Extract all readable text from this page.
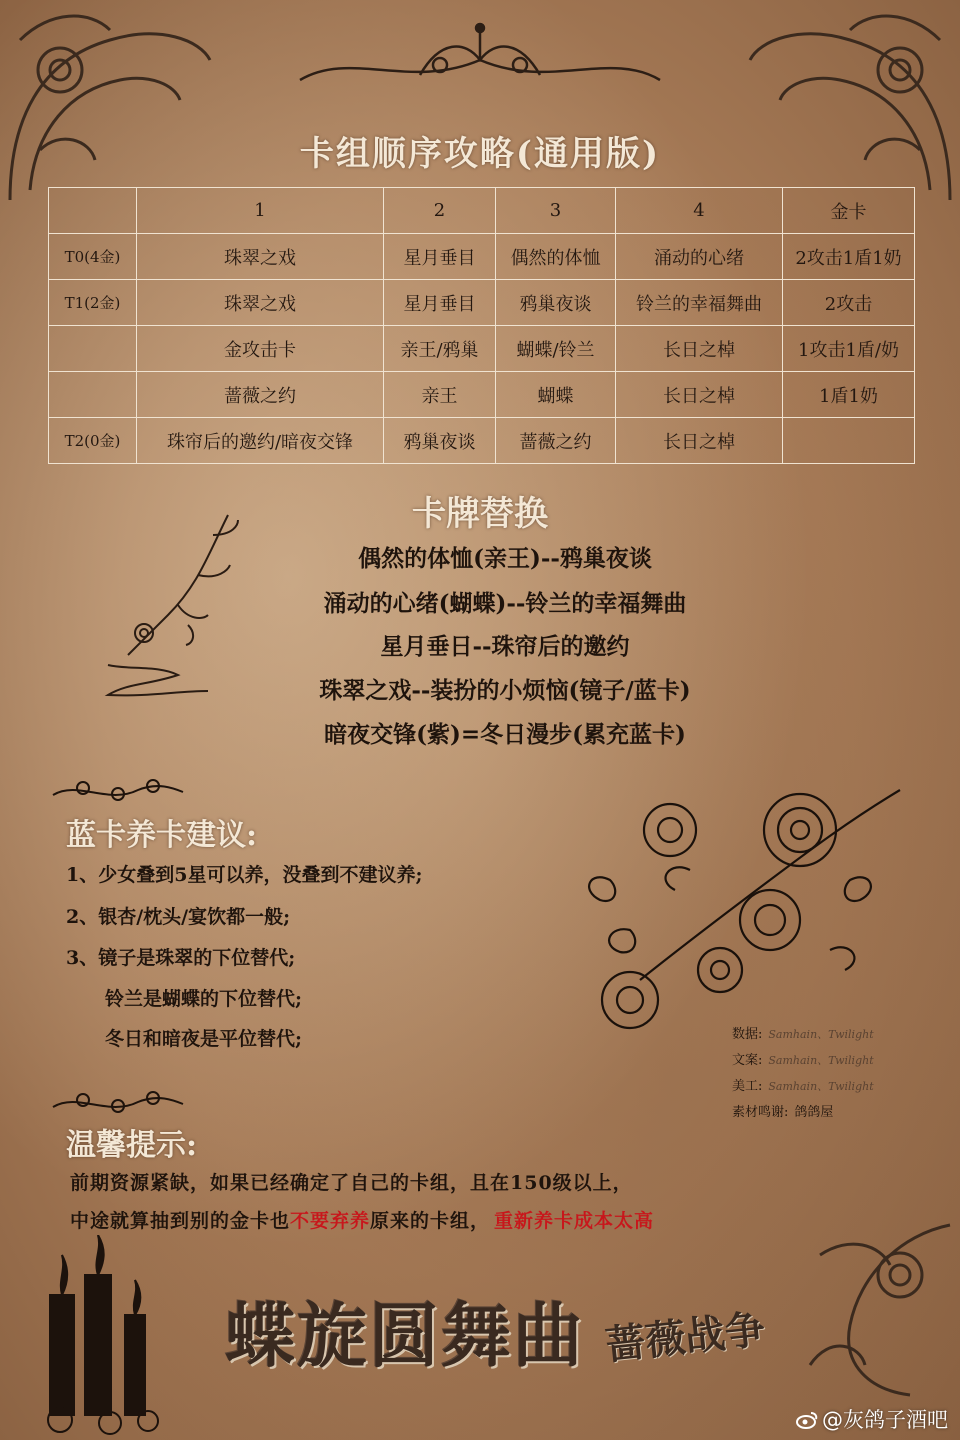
卡组顺序攻略(通用版)
	1	2	3	4	金卡
T0(4金)	珠翠之戏	星月垂目	偶然的体恤	涌动的心绪	2攻击1盾1奶
T1(2金)	珠翠之戏	星月垂目	鸦巢夜谈	铃兰的幸福舞曲	2攻击
	金攻击卡	亲王/鸦巢	蝴蝶/铃兰	长日之棹	1攻击1盾/奶
	蔷薇之约	亲王	蝴蝶	长日之棹	1盾1奶
T2(0金)	珠帘后的邀约/暗夜交锋	鸦巢夜谈	蔷薇之约	长日之棹	
卡牌替换
偶然的体恤(亲王)--鸦巢夜谈
涌动的心绪(蝴蝶)--铃兰的幸福舞曲
星月垂日--珠帘后的邀约
珠翠之戏--装扮的小烦恼(镜子/蓝卡)
暗夜交锋(紫)=冬日漫步(累充蓝卡)
蓝卡养卡建议:
1、少女叠到5星可以养，没叠到不建议养;
2、银杏/枕头/宴饮都一般;
3、镜子是珠翠的下位替代;
铃兰是蝴蝶的下位替代;
冬日和暗夜是平位替代;	数据: Samhain、Twilight
文案: Samhain、Twilight
美工: Samhain、Twilight
素材鸣谢: 鸽鸽屋
温馨提示:
前期资源紧缺，如果已经确定了自己的卡组，且在150级以上，
中途就算抽到别的金卡也不要弃养原来的卡组， 重新养卡成本太高
蝶旋圆舞曲 蔷薇战争
@灰鸽子酒吧
